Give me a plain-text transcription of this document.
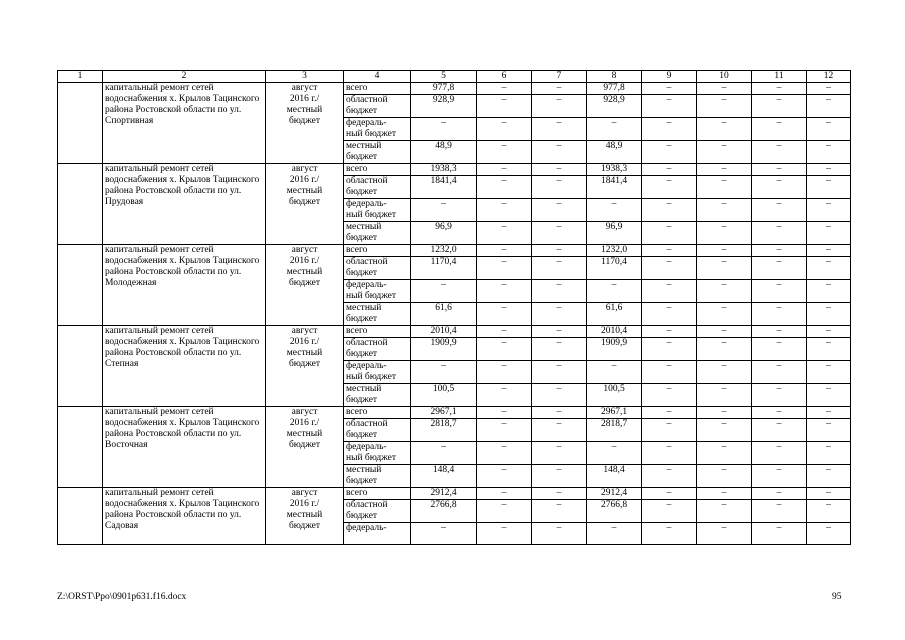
1	2	3	4	5	6	7	8	9	10	11	12
	капитальный ремонт сетей водоснабжения х. Крылов Тацинского района Ростовской области по ул. Спортивная	август
2016 г./
местный
бюджет	всего	977,8	–	–	977,8	–	–	–	–
			областной
бюджет	928,9	–	–	928,9	–	–	–	–
			федераль-
ный бюджет	–	–	–	–	–	–	–	–
			местный
бюджет	48,9	–	–	48,9	–	–	–	–
	капитальный ремонт сетей водоснабжения х. Крылов Тацинского района Ростовской области по ул. Прудовая	август
2016 г./
местный
бюджет	всего	1938,3	–	–	1938,3	–	–	–	–
			областной
бюджет	1841,4	–	–	1841,4	–	–	–	–
			федераль-
ный бюджет	–	–	–	–	–	–	–	–
			местный
бюджет	96,9	–	–	96,9	–	–	–	–
	капитальный ремонт сетей водоснабжения х. Крылов Тацинского района Ростовской области по ул. Молодежная	август
2016 г./
местный
бюджет	всего	1232,0	–	–	1232,0	–	–	–	–
			областной
бюджет	1170,4	–	–	1170,4	–	–	–	–
			федераль-
ный бюджет	–	–	–	–	–	–	–	–
			местный
бюджет	61,6	–	–	61,6	–	–	–	–
	капитальный ремонт сетей водоснабжения х. Крылов Тацинского района Ростовской области по ул. Степная	август
2016 г./
местный
бюджет	всего	2010,4	–	–	2010,4	–	–	–	–
			областной
бюджет	1909,9	–	–	1909,9	–	–	–	–
			федераль-
ный бюджет	–	–	–	–	–	–	–	–
			местный
бюджет	100,5	–	–	100,5	–	–	–	–
	капитальный ремонт сетей водоснабжения х. Крылов Тацинского района Ростовской области по ул. Восточная	август
2016 г./
местный
бюджет	всего	2967,1	–	–	2967,1	–	–	–	–
			областной
бюджет	2818,7	–	–	2818,7	–	–	–	–
			федераль-
ный бюджет	–	–	–	–	–	–	–	–
			местный
бюджет	148,4	–	–	148,4	–	–	–	–
	капитальный ремонт сетей водоснабжения х. Крылов Тацинского района Ростовской области по ул. Садовая	август
2016 г./
местный
бюджет	всего	2912,4	–	–	2912,4	–	–	–	–
			областной
бюджет	2766,8	–	–	2766,8	–	–	–	–
			федераль-	–	–	–	–	–	–	–	–
Z:\ORST\Ppo\0901p631.f16.docx	95
